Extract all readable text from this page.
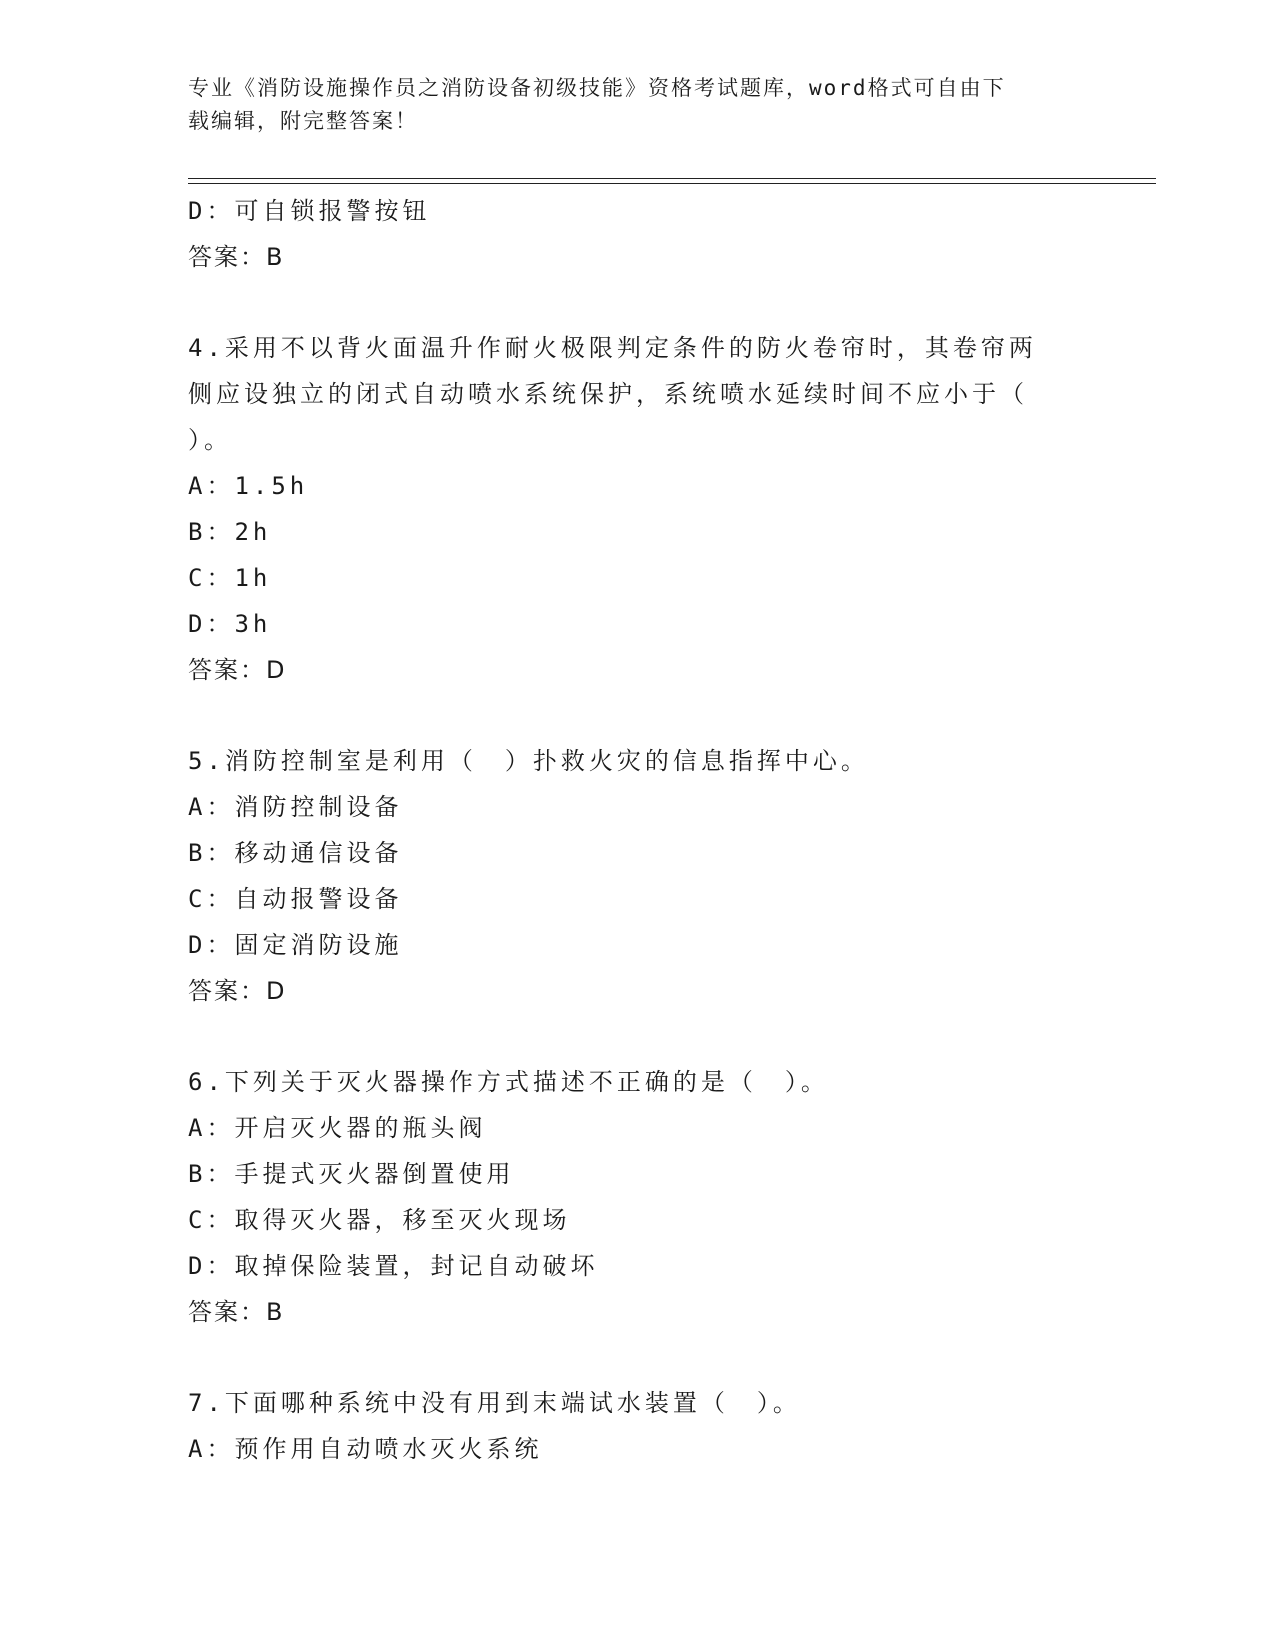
专业《消防设施操作员之消防设备初级技能》资格考试题库，word格式可自由下

载编辑，附完整答案！

D：可自锁报警按钮
答案：B
4.采用不以背火面温升作耐火极限判定条件的防火卷帘时，其卷帘两
侧应设独立的闭式自动喷水系统保护，系统喷水延续时间不应小于（
）。
A：1.5h
B：2h
C：1h
D：3h
答案：D
5.消防控制室是利用（　）扑救火灾的信息指挥中心。
A：消防控制设备
B：移动通信设备
C：自动报警设备
D：固定消防设施
答案：D
6.下列关于灭火器操作方式描述不正确的是（　）。
A：开启灭火器的瓶头阀
B：手提式灭火器倒置使用
C：取得灭火器，移至灭火现场
D：取掉保险装置，封记自动破坏
答案：B
7.下面哪种系统中没有用到末端试水装置（　）。
A：预作用自动喷水灭火系统
